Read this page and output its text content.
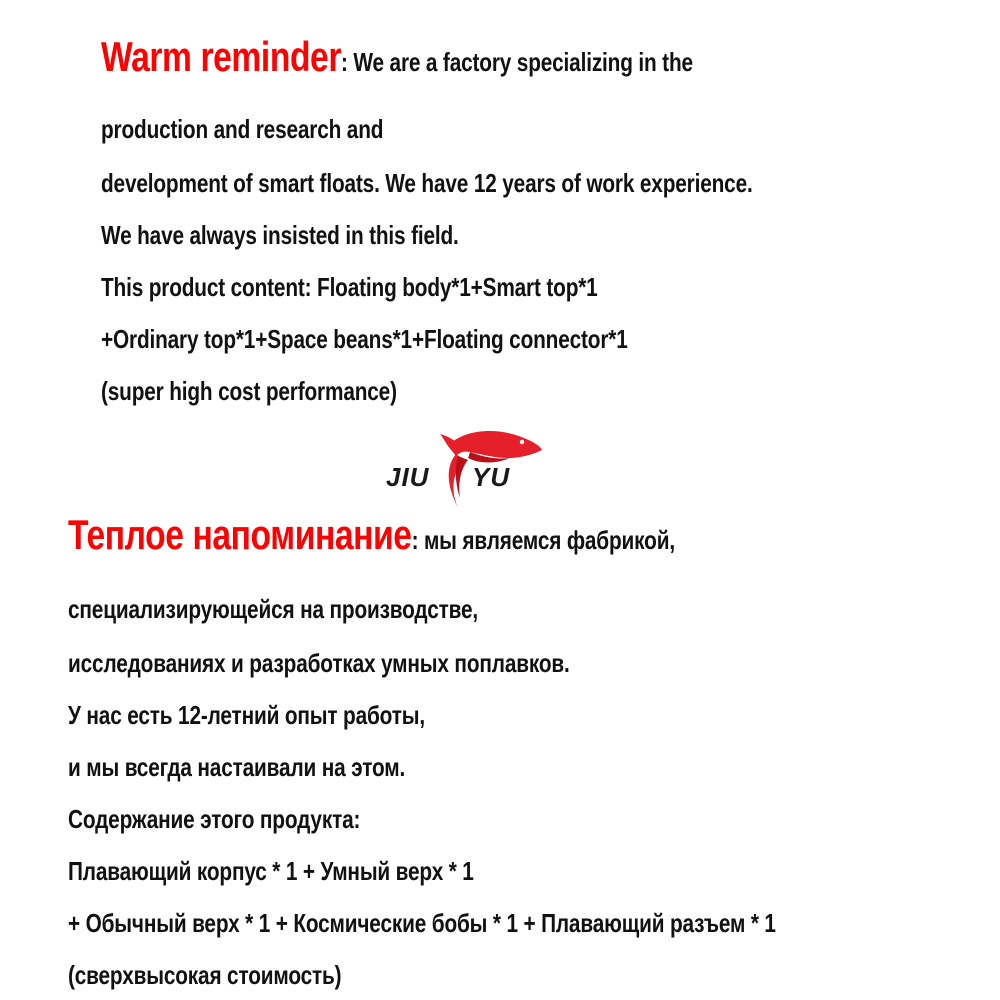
Warm reminder: We are a factory specializing in the
production and research and
development of smart floats. We have 12 years of work experience.
We have always insisted in this field.
This product content: Floating body*1+Smart top*1
+Ordinary top*1+Space beans*1+Floating connector*1
(super high cost performance)
JIU YU
Теплое напоминание: мы являемся фабрикой,
специализирующейся на производстве,
исследованиях и разработках умных поплавков.
У нас есть 12-летний опыт работы,
и мы всегда настаивали на этом.
Содержание этого продукта:
Плавающий корпус * 1 + Умный верх * 1
+ Обычный верх * 1 + Космические бобы * 1 + Плавающий разъем * 1
(сверхвысокая стоимость)
